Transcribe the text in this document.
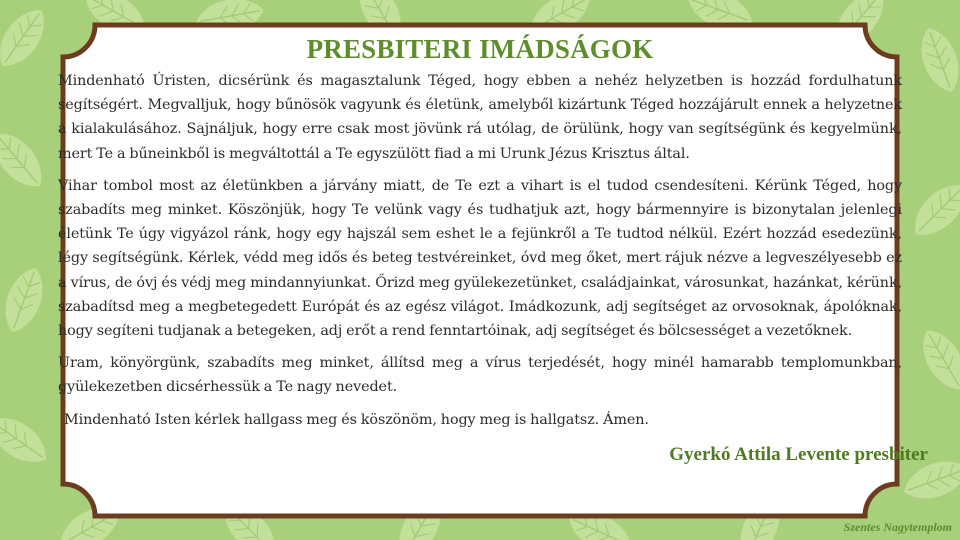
PRESBITERI IMÁDSÁGOK

Mindenható Úristen, dicsérünk és magasztalunk Téged, hogy ebben a nehéz helyzetben is hozzád fordulhatunk segítségért. Megvalljuk, hogy bűnösök vagyunk és életünk, amelyből kizártunk Téged hozzájárult ennek a helyzetnek a kialakulásához. Sajnáljuk, hogy erre csak most jövünk rá utólag, de örülünk, hogy van segítségünk és kegyelmünk, mert Te a bűneinkből is megváltottál a Te egyszülött fiad a mi Urunk Jézus Krisztus által.

Vihar tombol most az életünkben a járvány miatt, de Te ezt a vihart is el tudod csendesíteni. Kérünk Téged, hogy szabadíts meg minket. Köszönjük, hogy Te velünk vagy és tudhatjuk azt, hogy bármennyire is bizonytalan jelenlegi életünk Te úgy vigyázol ránk, hogy egy hajszál sem eshet le a fejünkről a Te tudtod nélkül. Ezért hozzád esedezünk, légy segítségünk. Kérlek, védd meg idős és beteg testvéreinket, óvd meg őket, mert rájuk nézve a legveszélyesebb ez a vírus, de óvj és védj meg mindannyiunkat. Őrizd meg gyülekezetünket, családjainkat, városunkat, hazánkat, kérünk, szabadítsd meg a megbetegedett Európát és az egész világot. Imádkozunk, adj segítséget az orvosoknak, ápolóknak, hogy segíteni tudjanak a betegeken, adj erőt a rend fenntartóinak, adj segítséget és bölcsességet a vezetőknek.

Uram, könyörgünk, szabadíts meg minket, állítsd meg a vírus terjedését, hogy minél hamarabb templomunkban, gyülekezetben dicsérhessük a Te nagy nevedet.

Mindenható Isten kérlek hallgass meg és köszönöm, hogy meg is hallgatsz. Ámen.

Gyerkó Attila Levente presbiter
Szentes Nagytemplom
